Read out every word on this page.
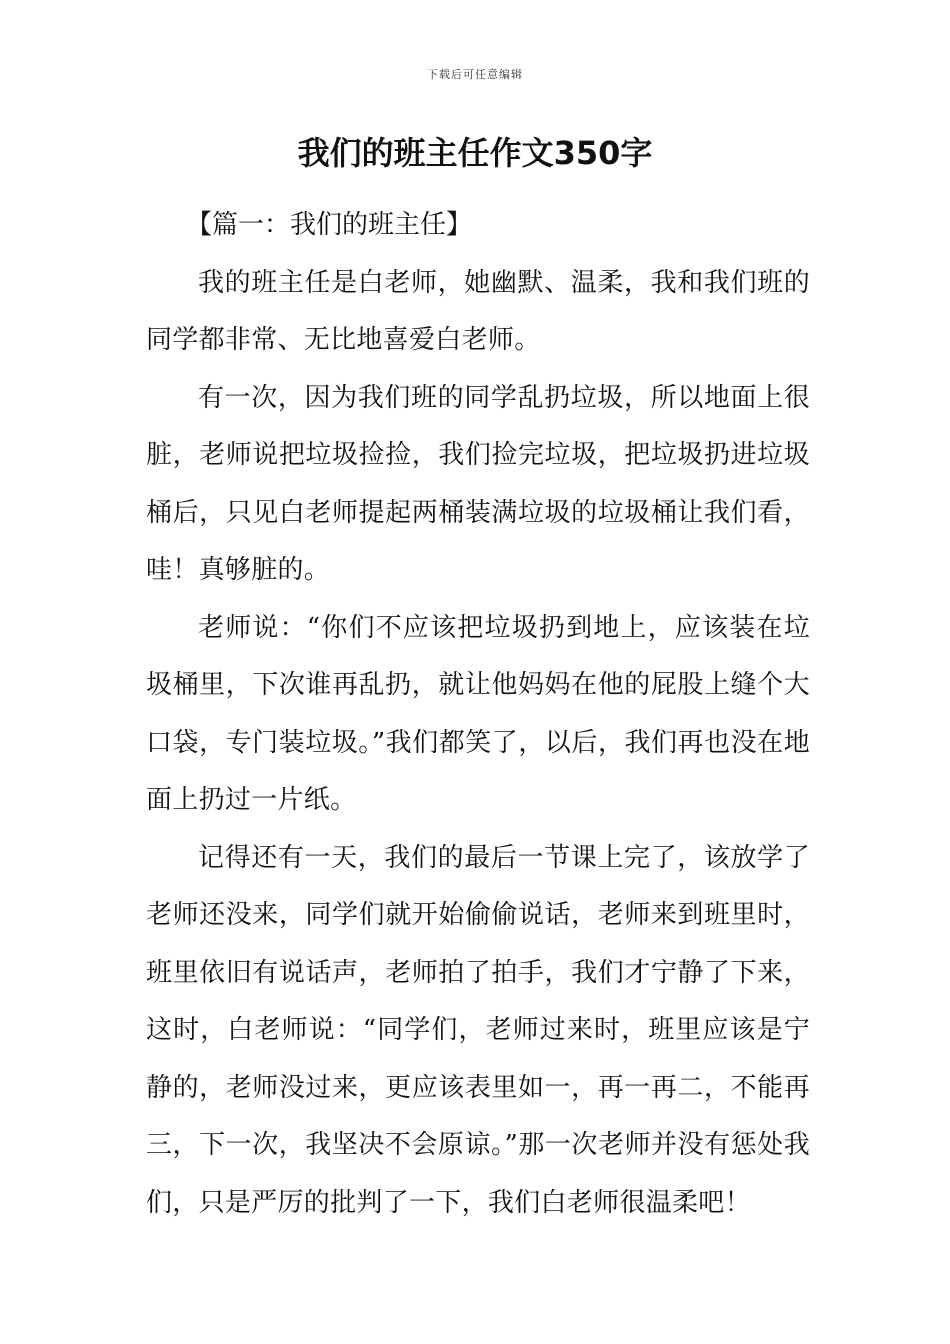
下载后可任意编辑
我们的班主任作文350字

【篇一：我们的班主任】

我的班主任是白老师，她幽默、温柔，我和我们班的同学都非常、无比地喜爱白老师。

有一次，因为我们班的同学乱扔垃圾，所以地面上很脏，老师说把垃圾捡捡，我们捡完垃圾，把垃圾扔进垃圾桶后，只见白老师提起两桶装满垃圾的垃圾桶让我们看，哇！真够脏的。

老师说：“你们不应该把垃圾扔到地上，应该装在垃圾桶里，下次谁再乱扔，就让他妈妈在他的屁股上缝个大口袋，专门装垃圾。”我们都笑了，以后，我们再也没在地面上扔过一片纸。

记得还有一天，我们的最后一节课上完了，该放学了老师还没来，同学们就开始偷偷说话，老师来到班里时，班里依旧有说话声，老师拍了拍手，我们才宁静了下来，这时，白老师说：“同学们，老师过来时，班里应该是宁静的，老师没过来，更应该表里如一，再一再二，不能再三，下一次，我坚决不会原谅。”那一次老师并没有惩处我们，只是严厉的批判了一下，我们白老师很温柔吧！
